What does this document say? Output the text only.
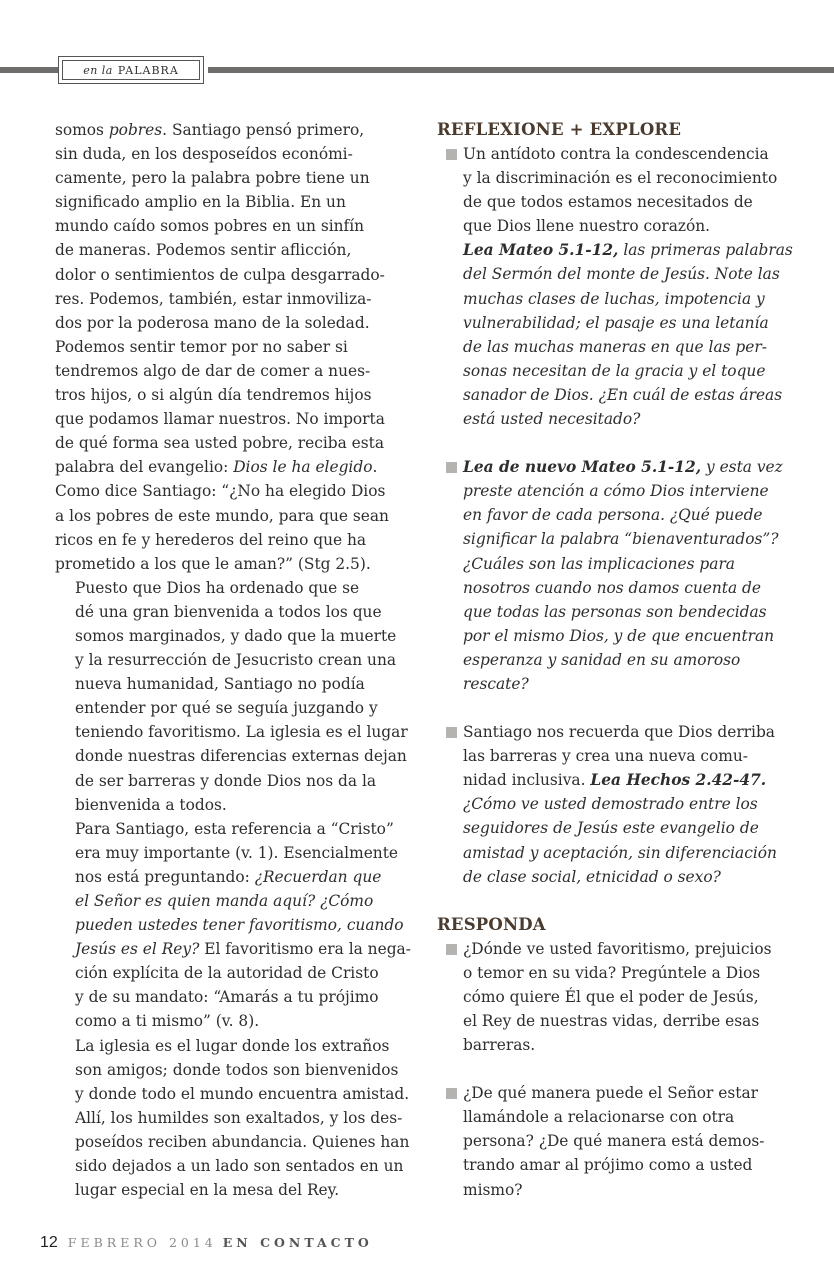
en la PALABRA

somos pobres. Santiago pensó primero,
sin duda, en los desposeídos económi-
camente, pero la palabra pobre tiene un
significado amplio en la Biblia. En un
mundo caído somos pobres en un sinfín
de maneras. Podemos sentir aflicción,
dolor o sentimientos de culpa desgarrado-
res. Podemos, también, estar inmoviliza-
dos por la poderosa mano de la soledad.
Podemos sentir temor por no saber si
tendremos algo de dar de comer a nues-
tros hijos, o si algún día tendremos hijos
que podamos llamar nuestros. No importa
de qué forma sea usted pobre, reciba esta
palabra del evangelio: Dios le ha elegido.
Como dice Santiago: “¿No ha elegido Dios
a los pobres de este mundo, para que sean
ricos en fe y herederos del reino que ha
prometido a los que le aman?” (Stg 2.5).

Puesto que Dios ha ordenado que se
dé una gran bienvenida a todos los que
somos marginados, y dado que la muerte
y la resurrección de Jesucristo crean una
nueva humanidad, Santiago no podía
entender por qué se seguía juzgando y
teniendo favoritismo. La iglesia es el lugar
donde nuestras diferencias externas dejan
de ser barreras y donde Dios nos da la
bienvenida a todos.

Para Santiago, esta referencia a “Cristo”
era muy importante (v. 1). Esencialmente
nos está preguntando: ¿Recuerdan que
el Señor es quien manda aquí? ¿Cómo
pueden ustedes tener favoritismo, cuando
Jesús es el Rey? El favoritismo era la nega-
ción explícita de la autoridad de Cristo
y de su mandato: “Amarás a tu prójimo
como a ti mismo” (v. 8).

La iglesia es el lugar donde los extraños
son amigos; donde todos son bienvenidos
y donde todo el mundo encuentra amistad.
Allí, los humildes son exaltados, y los des-
poseídos reciben abundancia. Quienes han
sido dejados a un lado son sentados en un
lugar especial en la mesa del Rey.

REFLEXIONE + EXPLORE
Un antídoto contra la condescendencia
y la discriminación es el reconocimiento
de que todos estamos necesitados de
que Dios llene nuestro corazón.
Lea Mateo 5.1-12, las primeras palabras
del Sermón del monte de Jesús. Note las
muchas clases de luchas, impotencia y
vulnerabilidad; el pasaje es una letanía
de las muchas maneras en que las per-
sonas necesitan de la gracia y el toque
sanador de Dios. ¿En cuál de estas áreas
está usted necesitado?
Lea de nuevo Mateo 5.1-12, y esta vez
preste atención a cómo Dios interviene
en favor de cada persona. ¿Qué puede
significar la palabra “bienaventurados”?
¿Cuáles son las implicaciones para
nosotros cuando nos damos cuenta de
que todas las personas son bendecidas
por el mismo Dios, y de que encuentran
esperanza y sanidad en su amoroso
rescate?
Santiago nos recuerda que Dios derriba
las barreras y crea una nueva comu-
nidad inclusiva. Lea Hechos 2.42-47.
¿Cómo ve usted demostrado entre los
seguidores de Jesús este evangelio de
amistad y aceptación, sin diferenciación
de clase social, etnicidad o sexo?
RESPONDA
¿Dónde ve usted favoritismo, prejuicios
o temor en su vida? Pregúntele a Dios
cómo quiere Él que el poder de Jesús,
el Rey de nuestras vidas, derribe esas
barreras.
¿De qué manera puede el Señor estar
llamándole a relacionarse con otra
persona? ¿De qué manera está demos-
trando amar al prójimo como a usted
mismo?
12 FEBRERO 2014 EN CONTACTO
